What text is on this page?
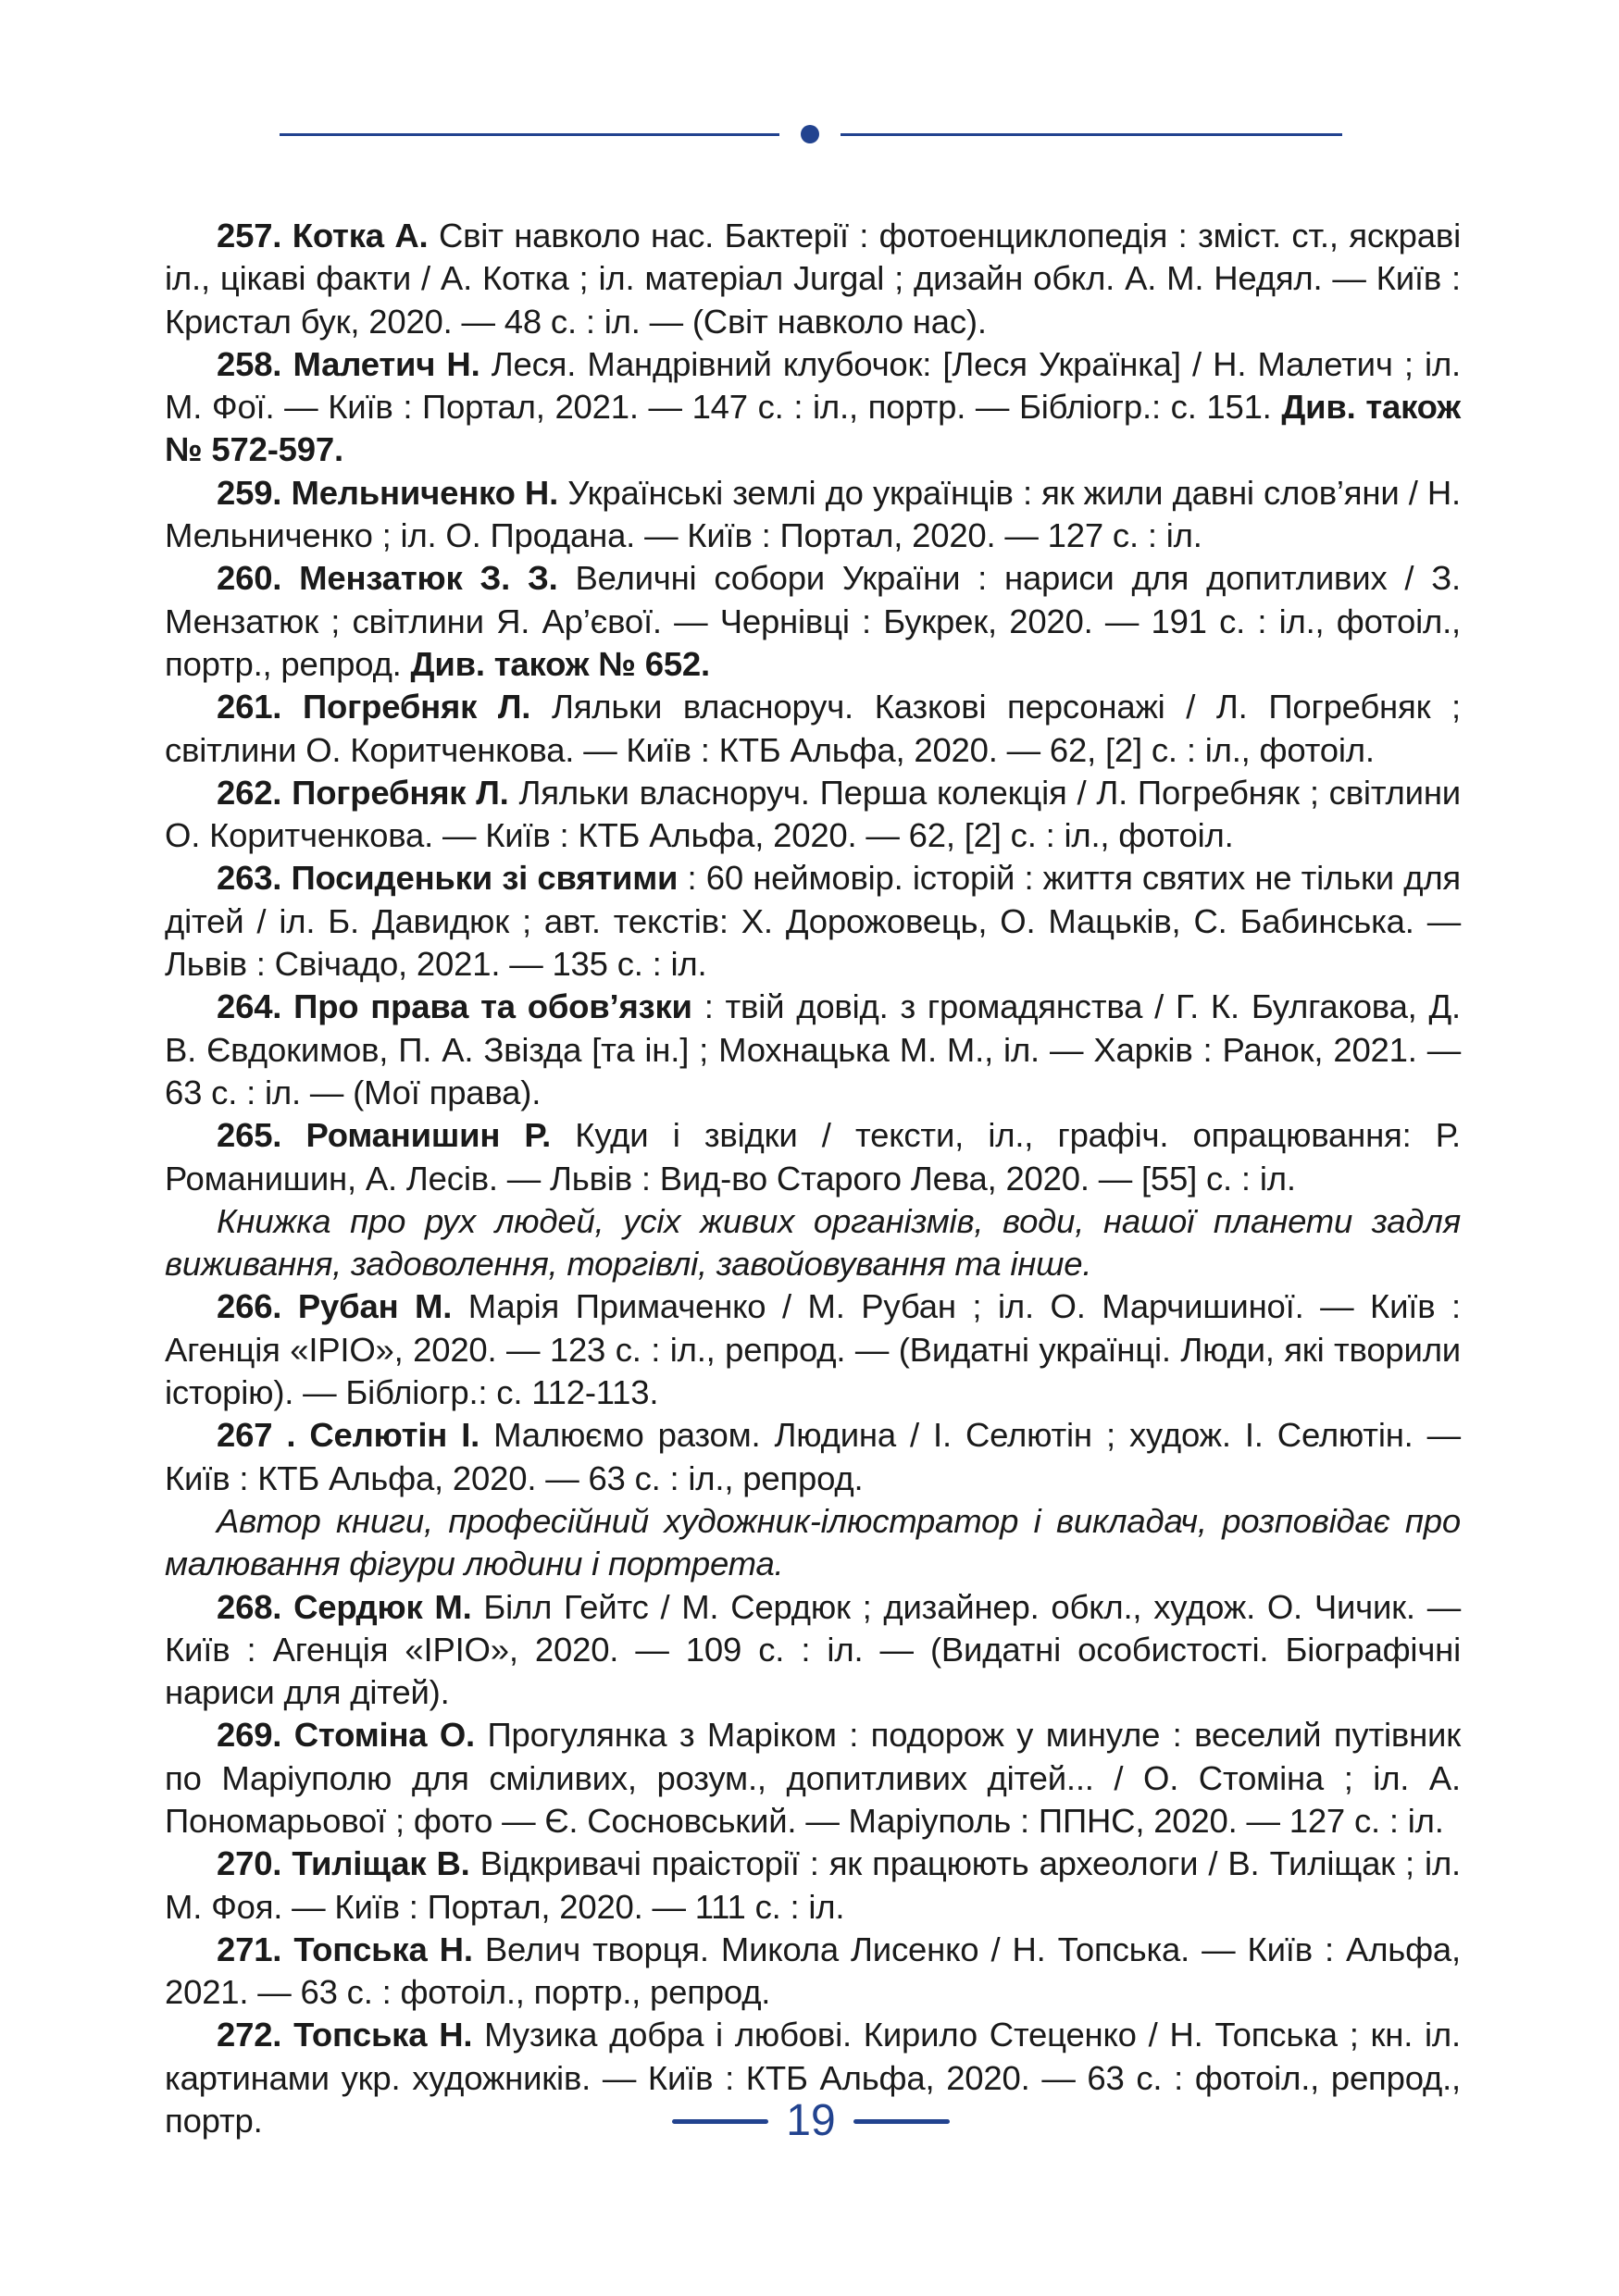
257. Котка А. Світ навколо нас. Бактерії : фотоенциклопедія : зміст. ст., яскраві іл., цікаві факти / А. Котка ; іл. матеріал Jurgal ; дизайн обкл. А. М. Недял. — Київ : Кристал бук, 2020. — 48 с. : іл. — (Світ навколо нас).

258. Малетич Н. Леся. Мандрівний клубочок: [Леся Українка] / Н. Малетич ; іл. М. Фої. — Київ : Портал, 2021. — 147 с. : іл., портр. — Бібліогр.: с. 151. Див. також № 572-597.

259. Мельниченко Н. Українські землі до українців : як жили давні слов’яни / Н. Мельниченко ; іл. О. Продана. — Київ : Портал, 2020. — 127 с. : іл.

260. Мензатюк З. З. Величні собори України : нариси для допитливих / З. Мензатюк ; світлини Я. Ар’євої. — Чернівці : Букрек, 2020. — 191 с. : іл., фотоіл., портр., репрод. Див. також № 652.

261. Погребняк Л. Ляльки власноруч. Казкові персонажі / Л. Погребняк ; світлини О. Коритченкова. — Київ : КТБ Альфа, 2020. — 62, [2] с. : іл., фотоіл.

262. Погребняк Л. Ляльки власноруч. Перша колекція / Л. Погребняк ; світлини О. Коритченкова. — Київ : КТБ Альфа, 2020. — 62, [2] с. : іл., фотоіл.

263. Посиденьки зі святими : 60 неймовір. історій : життя святих не тільки для дітей / іл. Б. Давидюк ; авт. текстів: Х. Дорожовець, О. Мацьків, С. Бабинська. — Львів : Свічадо, 2021. — 135 с. : іл.

264. Про права та обов’язки : твій довід. з громадянства / Г. К. Булгакова, Д. В. Євдокимов, П. А. Звізда [та ін.] ; Мохнацька М. М., іл. — Харків : Ранок, 2021. — 63 с. : іл. — (Мої права).

265. Романишин Р. Куди і звідки / тексти, іл., графіч. опрацювання: Р. Романишин, А. Лесів. — Львів : Вид-во Старого Лева, 2020. — [55] с. : іл.

Книжка про рух людей, усіх живих організмів, води, нашої планети задля виживання, задоволення, торгівлі, завойовування та інше.

266. Рубан М. Марія Примаченко / М. Рубан ; іл. О. Марчишиної. — Київ : Агенція «ІРІО», 2020. — 123 с. : іл., репрод. — (Видатні українці. Люди, які творили історію). — Бібліогр.: с. 112-113.

267 . Селютін І. Малюємо разом. Людина / І. Селютін ; худож. І. Селютін. — Київ : КТБ Альфа, 2020. — 63 с. : іл., репрод.

Автор книги, професійний художник-ілюстратор і викладач, розповідає про малювання фігури людини і портрета.

268. Сердюк М. Білл Гейтс / М. Сердюк ; дизайнер. обкл., худож. О. Чичик. — Київ : Агенція «ІРІО», 2020. — 109 с. : іл. — (Видатні особистості. Біографічні нариси для дітей).

269. Стоміна О. Прогулянка з Маріком : подорож у минуле : веселий путівник по Маріуполю для сміливих, розум., допитливих дітей... / О. Стоміна ; іл. А. Пономарьової ; фото — Є. Сосновський. — Маріуполь : ППНС, 2020. — 127 с. : іл.

270. Тиліщак В. Відкривачі праісторії : як працюють археологи / В. Тиліщак ; іл. М. Фоя. — Київ : Портал, 2020. — 111 с. : іл.

271. Топська Н. Велич творця. Микола Лисенко / Н. Топська. — Київ : Альфа, 2021. — 63 с. : фотоіл., портр., репрод.

272. Топська Н. Музика добра і любові. Кирило Стеценко / Н. Топська ; кн. іл. картинами укр. художників. — Київ : КТБ Альфа, 2020. — 63 с. : фотоіл., репрод., портр.	19
